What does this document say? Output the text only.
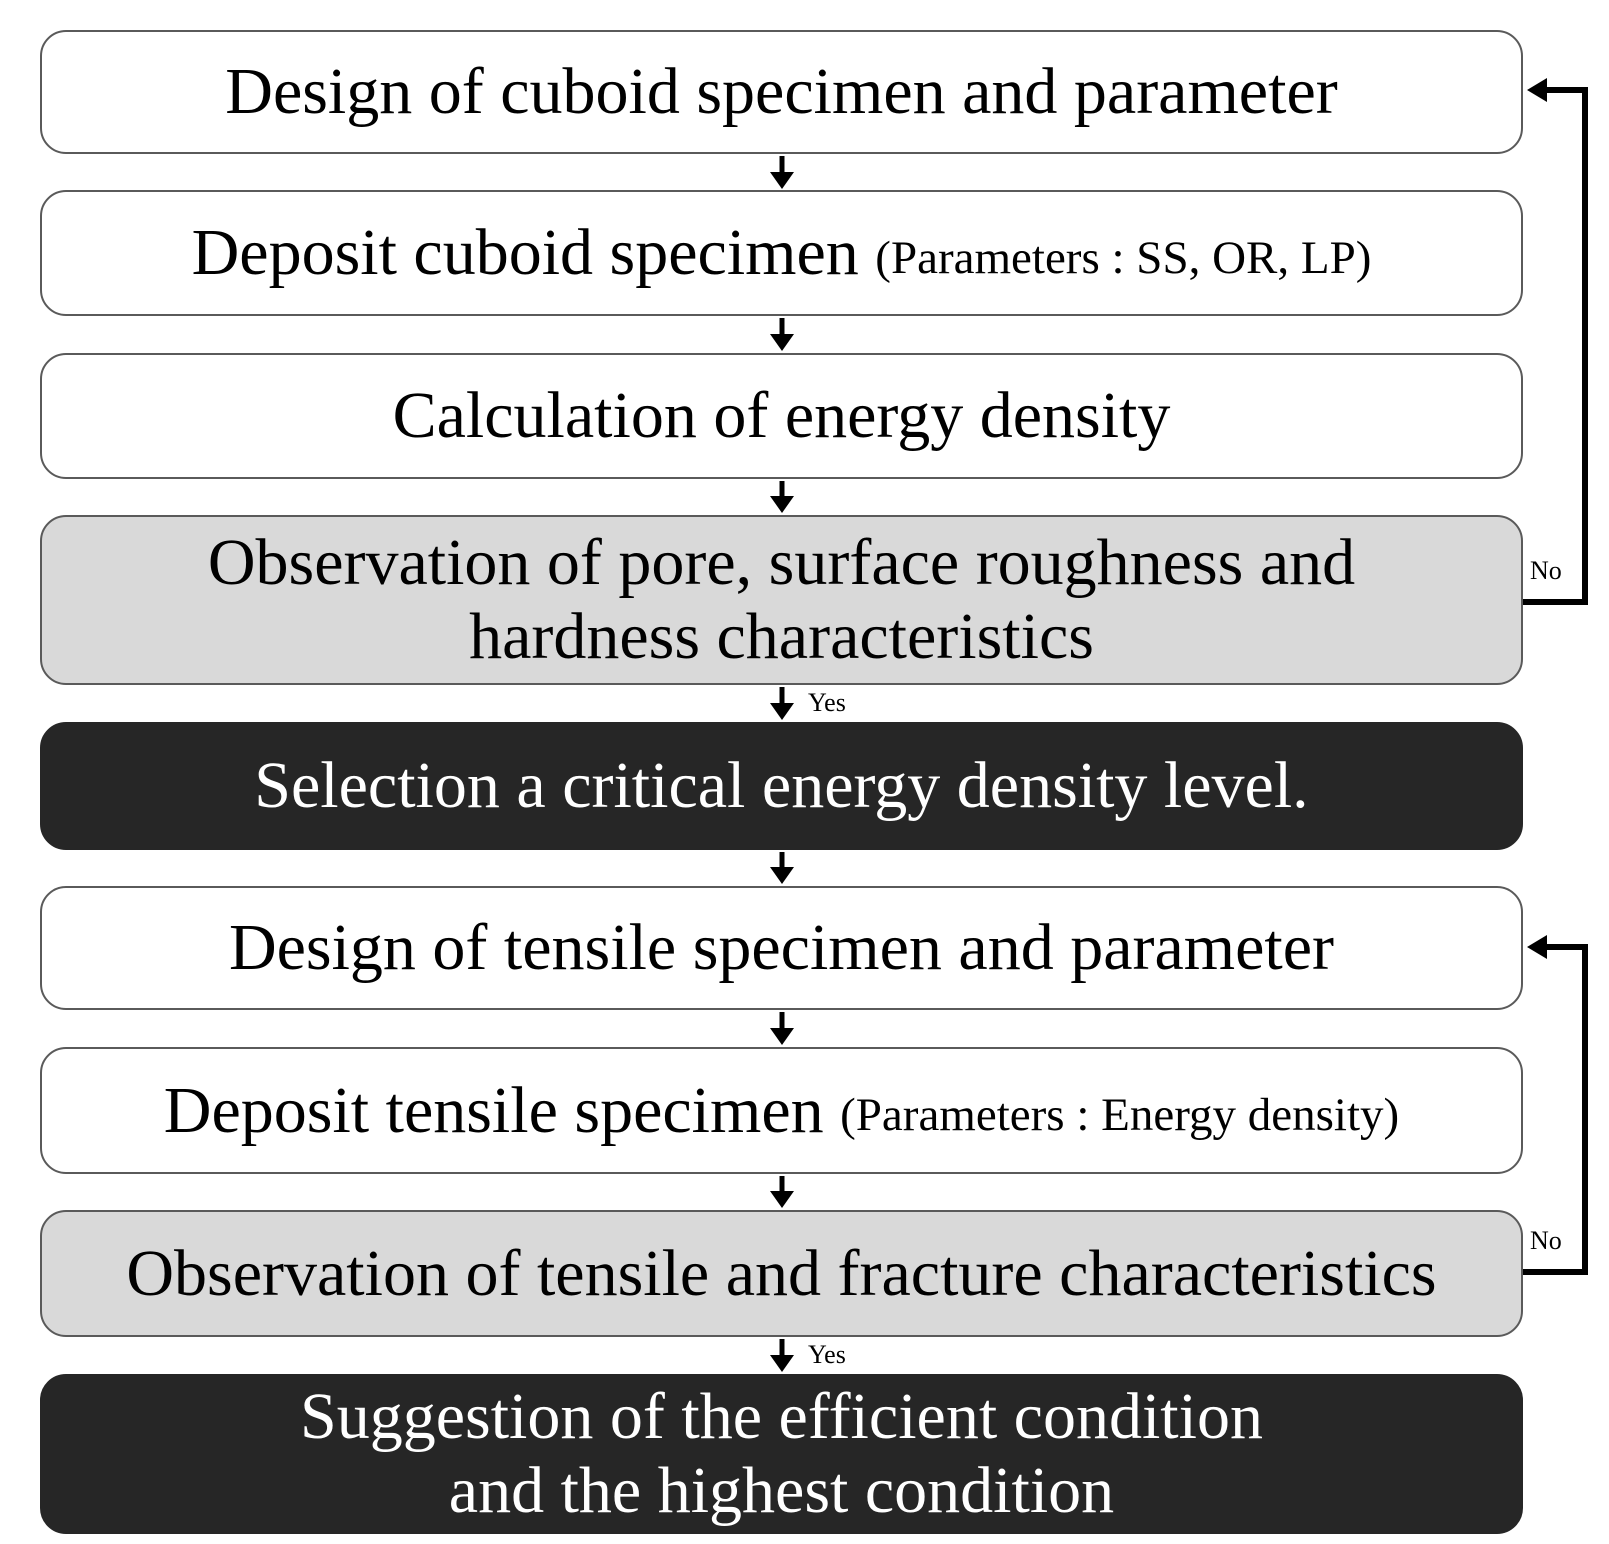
Design of cuboid specimen and parameter
Deposit cuboid specimen (Parameters : SS, OR, LP)
Calculation of energy density
Observation of pore, surface roughness and
hardness characteristics
Selection a critical energy density level.
Design of tensile specimen and parameter
Deposit tensile specimen (Parameters : Energy density)
Observation of tensile and fracture characteristics
Suggestion of the efficient condition
and the highest condition
No
Yes
No
Yes
